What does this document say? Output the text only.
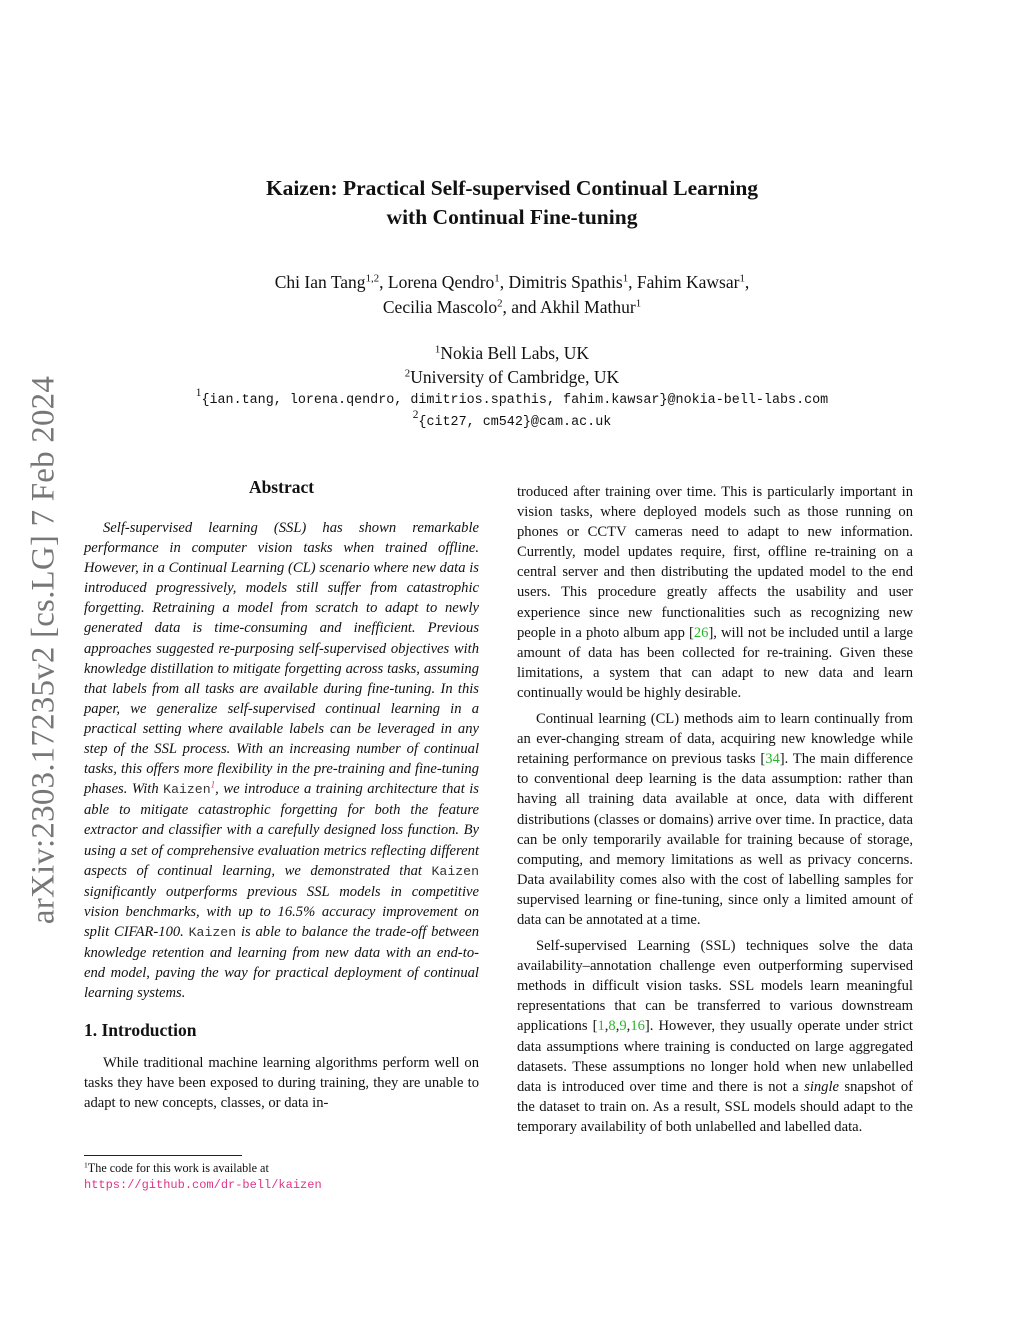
Kaizen: Practical Self-supervised Continual Learning
with Continual Fine-tuning
Chi Ian Tang$^{1,2}$, Lorena Qendro$^1$, Dimitris Spathis$^1$, Fahim Kawsar$^1$,
Cecilia Mascolo$^2$, and Akhil Mathur$^1$
$^1$Nokia Bell Labs, UK
$^2$University of Cambridge, UK
$^1${ian.tang, lorena.qendro, dimitrios.spathis, fahim.kawsar}@nokia-bell-labs.com
$^2${cit27, cm542}@cam.ac.uk
arXiv:2303.17235v2 [cs.LG] 7 Feb 2024	Abstract

Self-supervised learning (SSL) has shown remarkable performance in computer vision tasks when trained offline. However, in a Continual Learning (CL) scenario where new data is introduced progressively, models still suffer from catastrophic forgetting. Retraining a model from scratch to adapt to newly generated data is time-consuming and inefficient. Previous approaches suggested re-purposing self-supervised objectives with knowledge distillation to mitigate forgetting across tasks, assuming that labels from all tasks are available during fine-tuning. In this paper, we generalize self-supervised continual learning in a practical setting where available labels can be leveraged in any step of the SSL process. With an increasing number of continual tasks, this offers more flexibility in the pre-training and fine-tuning phases. With Kaizen$^1$, we introduce a training architecture that is able to mitigate catastrophic forgetting for both the feature extractor and classifier with a carefully designed loss function. By using a set of comprehensive evaluation metrics reflecting different aspects of continual learning, we demonstrated that Kaizen significantly outperforms previous SSL models in competitive vision benchmarks, with up to 16.5% accuracy improvement on split CIFAR-100. Kaizen is able to balance the trade-off between knowledge retention and learning from new data with an end-to-end model, paving the way for practical deployment of continual learning systems.

1. Introduction

While traditional machine learning algorithms perform well on tasks they have been exposed to during training, they are unable to adapt to new concepts, classes, or data in-

$^1$The code for this work is available at
https://github.com/dr-bell/kaizen

troduced after training over time. This is particularly important in vision tasks, where deployed models such as those running on phones or CCTV cameras need to adapt to new information. Currently, model updates require, first, offline re-training on a central server and then distributing the updated model to the end users. This procedure greatly affects the usability and user experience since new functionalities such as recognizing new people in a photo album app [26], will not be included until a large amount of data has been collected for re-training. Given these limitations, a system that can adapt to new data and learn continually would be highly desirable.

Continual learning (CL) methods aim to learn continually from an ever-changing stream of data, acquiring new knowledge while retaining performance on previous tasks [34]. The main difference to conventional deep learning is the data assumption: rather than having all training data available at once, data with different distributions (classes or domains) arrive over time. In practice, data can be only temporarily available for training because of storage, computing, and memory limitations as well as privacy concerns. Data availability comes also with the cost of labelling samples for supervised learning or fine-tuning, since only a limited amount of data can be annotated at a time.

Self-supervised Learning (SSL) techniques solve the data availability–annotation challenge even outperforming supervised methods in difficult vision tasks. SSL models learn meaningful representations that can be transferred to various downstream applications [1,8,9,16]. However, they usually operate under strict data assumptions where training is conducted on large aggregated datasets. These assumptions no longer hold when new unlabelled data is introduced over time and there is not a single snapshot of the dataset to train on. As a result, SSL models should adapt to the temporary availability of both unlabelled and labelled data.
